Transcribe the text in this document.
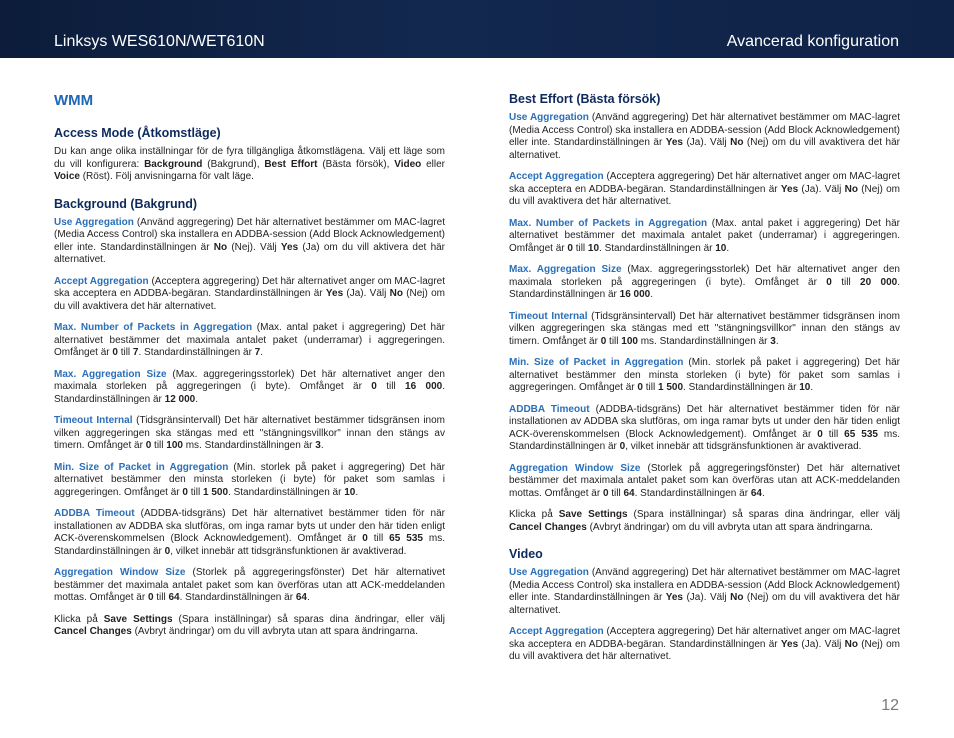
Linksys WES610N/WET610N	Avancerad konfiguration
WMM
Access Mode (Åtkomstläge)

Du kan ange olika inställningar för de fyra tillgängliga åtkomstlägena. Välj ett läge som du vill konfigurera: Background (Bakgrund), Best Effort (Bästa försök), Video eller Voice (Röst). Följ anvisningarna för valt läge.

Background (Bakgrund)

Use Aggregation (Använd aggregering) Det här alternativet bestämmer om MAC-lagret (Media Access Control) ska installera en ADDBA-session (Add Block Acknowledgement) eller inte. Standardinställningen är No (Nej). Välj Yes (Ja) om du vill aktivera det här alternativet.

Accept Aggregation (Acceptera aggregering) Det här alternativet anger om MAC-lagret ska acceptera en ADDBA-begäran. Standardinställningen är Yes (Ja). Välj No (Nej) om du vill avaktivera det här alternativet.

Max. Number of Packets in Aggregation (Max. antal paket i aggregering) Det här alternativet bestämmer det maximala antalet paket (underramar) i aggregeringen. Omfånget är 0 till 7. Standardinställningen är 7.

Max. Aggregation Size (Max. aggregeringsstorlek) Det här alternativet anger den maximala storleken på aggregeringen (i byte). Omfånget är 0 till 16 000. Standardinställningen är 12 000.

Timeout Internal (Tidsgränsintervall) Det här alternativet bestämmer tidsgränsen inom vilken aggregeringen ska stängas med ett "stängningsvillkor" innan den stängs av timern. Omfånget är 0 till 100 ms. Standardinställningen är 3.

Min. Size of Packet in Aggregation (Min. storlek på paket i aggregering) Det här alternativet bestämmer den minsta storleken (i byte) för paket som samlas i aggregeringen. Omfånget är 0 till 1 500. Standardinställningen är 10.

ADDBA Timeout (ADDBA-tidsgräns) Det här alternativet bestämmer tiden för när installationen av ADDBA ska slutföras, om inga ramar byts ut under den här tiden enligt ACK-överenskommelsen (Block Acknowledgement). Omfånget är 0 till 65 535 ms. Standardinställningen är 0, vilket innebär att tidsgränsfunktionen är avaktiverad.

Aggregation Window Size (Storlek på aggregeringsfönster) Det här alternativet bestämmer det maximala antalet paket som kan överföras utan att ACK-meddelanden mottas. Omfånget är 0 till 64. Standardinställningen är 64.

Klicka på Save Settings (Spara inställningar) så sparas dina ändringar, eller välj Cancel Changes (Avbryt ändringar) om du vill avbryta utan att spara ändringarna.

Best Effort (Bästa försök)

Use Aggregation (Använd aggregering) Det här alternativet bestämmer om MAC-lagret (Media Access Control) ska installera en ADDBA-session (Add Block Acknowledgement) eller inte. Standardinställningen är Yes (Ja). Välj No (Nej) om du vill avaktivera det här alternativet.

Accept Aggregation (Acceptera aggregering) Det här alternativet anger om MAC-lagret ska acceptera en ADDBA-begäran. Standardinställningen är Yes (Ja). Välj No (Nej) om du vill avaktivera det här alternativet.

Max. Number of Packets in Aggregation (Max. antal paket i aggregering) Det här alternativet bestämmer det maximala antalet paket (underramar) i aggregeringen. Omfånget är 0 till 10. Standardinställningen är 10.

Max. Aggregation Size (Max. aggregeringsstorlek) Det här alternativet anger den maximala storleken på aggregeringen (i byte). Omfånget är 0 till 20 000. Standardinställningen är 16 000.

Timeout Internal (Tidsgränsintervall) Det här alternativet bestämmer tidsgränsen inom vilken aggregeringen ska stängas med ett "stängningsvillkor" innan den stängs av timern. Omfånget är 0 till 100 ms. Standardinställningen är 3.

Min. Size of Packet in Aggregation (Min. storlek på paket i aggregering) Det här alternativet bestämmer den minsta storleken (i byte) för paket som samlas i aggregeringen. Omfånget är 0 till 1 500. Standardinställningen är 10.

ADDBA Timeout (ADDBA-tidsgräns) Det här alternativet bestämmer tiden för när installationen av ADDBA ska slutföras, om inga ramar byts ut under den här tiden enligt ACK-överenskommelsen (Block Acknowledgement). Omfånget är 0 till 65 535 ms. Standardinställningen är 0, vilket innebär att tidsgränsfunktionen är avaktiverad.

Aggregation Window Size (Storlek på aggregeringsfönster) Det här alternativet bestämmer det maximala antalet paket som kan överföras utan att ACK-meddelanden mottas. Omfånget är 0 till 64. Standardinställningen är 64.

Klicka på Save Settings (Spara inställningar) så sparas dina ändringar, eller välj Cancel Changes (Avbryt ändringar) om du vill avbryta utan att spara ändringarna.

Video

Use Aggregation (Använd aggregering) Det här alternativet bestämmer om MAC-lagret (Media Access Control) ska installera en ADDBA-session (Add Block Acknowledgement) eller inte. Standardinställningen är Yes (Ja). Välj No (Nej) om du vill avaktivera det här alternativet.

Accept Aggregation (Acceptera aggregering) Det här alternativet anger om MAC-lagret ska acceptera en ADDBA-begäran. Standardinställningen är Yes (Ja). Välj No (Nej) om du vill avaktivera det här alternativet.

12
